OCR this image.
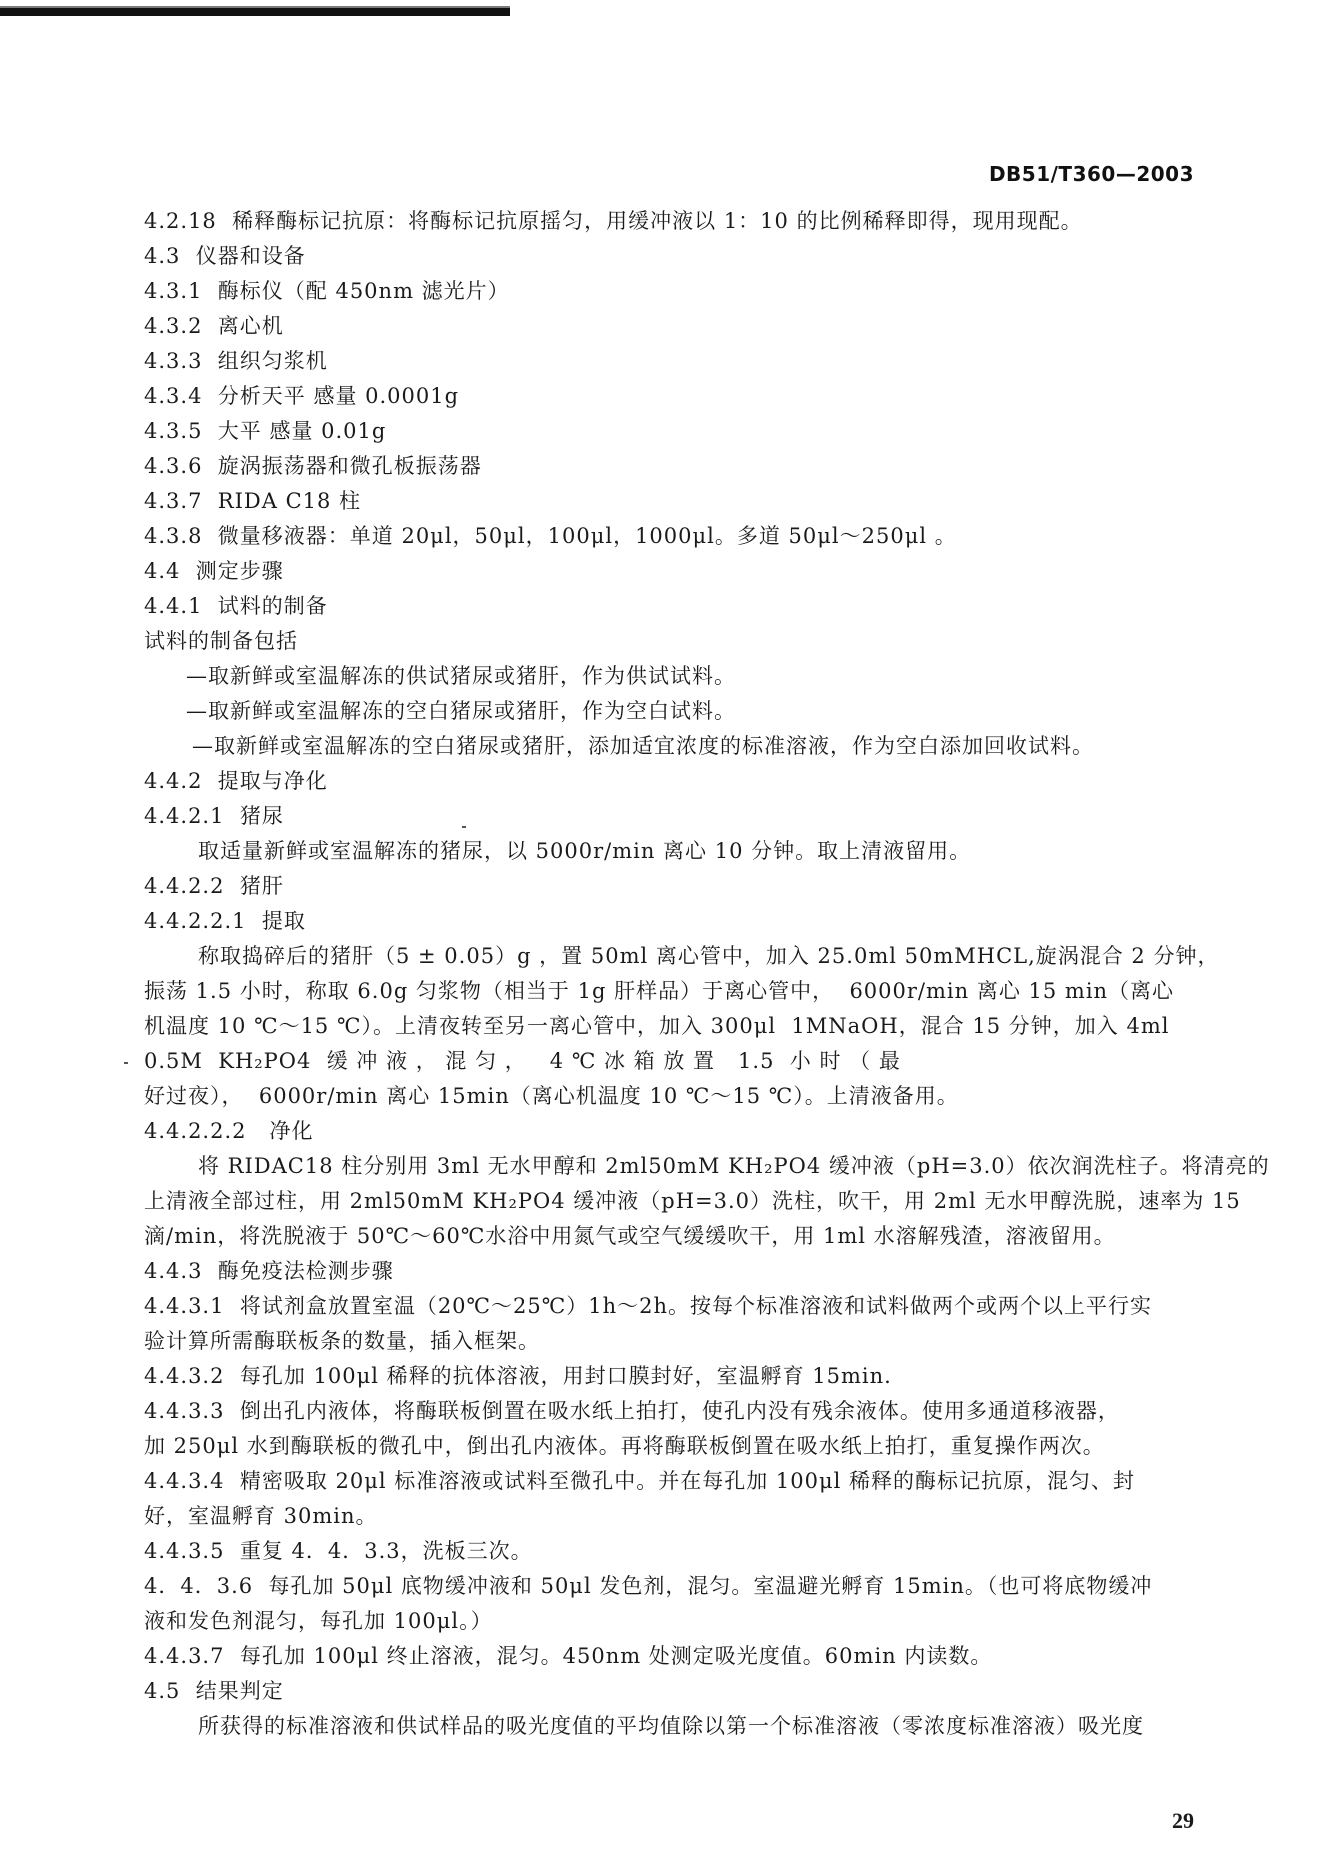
DB51/T360—2003
4.2.18  稀释酶标记抗原：将酶标记抗原摇匀，用缓冲液以 1：10 的比例稀释即得，现用现配。
4.3  仪器和设备
4.3.1  酶标仪（配 450nm 滤光片）
4.3.2  离心机
4.3.3  组织匀浆机
4.3.4  分析天平 感量 0.0001g
4.3.5  大平 感量 0.01g
4.3.6  旋涡振荡器和微孔板振荡器
4.3.7  RIDA C18 柱
4.3.8  微量移液器：单道 20μl，50μl，100μl，1000μl。多道 50μl～250μl 。
4.4  测定步骤
4.4.1  试料的制备
试料的制备包括
—取新鲜或室温解冻的供试猪尿或猪肝，作为供试试料。
—取新鲜或室温解冻的空白猪尿或猪肝，作为空白试料。
—取新鲜或室温解冻的空白猪尿或猪肝，添加适宜浓度的标准溶液，作为空白添加回收试料。
4.4.2  提取与净化
4.4.2.1  猪尿
取适量新鲜或室温解冻的猪尿，以 5000r/min 离心 10 分钟。取上清液留用。
4.4.2.2  猪肝
4.4.2.2.1  提取
称取捣碎后的猪肝（5 ± 0.05）g ，置 50ml 离心管中，加入 25.0ml 50mMHCL,旋涡混合 2 分钟，
振荡 1.5 小时，称取 6.0g 匀浆物（相当于 1g 肝样品）于离心管中，  6000r/min 离心 15 min（离心
机温度 10 ℃～15 ℃）。上清夜转至另一离心管中，加入 300μl  1MNaOH，混合 15 分钟，加入 4ml
0.5M  KH₂PO4  缓 冲 液 ， 混 匀 ，   4 ℃ 冰 箱 放 置   1.5  小 时 （ 最
好过夜），  6000r/min 离心 15min（离心机温度 10 ℃～15 ℃）。上清液备用。
4.4.2.2.2   净化
将 RIDAC18 柱分别用 3ml 无水甲醇和 2ml50mM KH₂PO4 缓冲液（pH=3.0）依次润洗柱子。将清亮的
上清液全部过柱，用 2ml50mM KH₂PO4 缓冲液（pH=3.0）洗柱，吹干，用 2ml 无水甲醇洗脱，速率为 15
滴/min，将洗脱液于 50℃～60℃水浴中用氮气或空气缓缓吹干，用 1ml 水溶解残渣，溶液留用。
4.4.3  酶免疫法检测步骤
4.4.3.1  将试剂盒放置室温（20℃～25℃）1h～2h。按每个标准溶液和试料做两个或两个以上平行实
验计算所需酶联板条的数量，插入框架。
4.4.3.2  每孔加 100μl 稀释的抗体溶液，用封口膜封好，室温孵育 15min.
4.4.3.3  倒出孔内液体，将酶联板倒置在吸水纸上拍打，使孔内没有残余液体。使用多通道移液器，
加 250μl 水到酶联板的微孔中，倒出孔内液体。再将酶联板倒置在吸水纸上拍打，重复操作两次。
4.4.3.4  精密吸取 20μl 标准溶液或试料至微孔中。并在每孔加 100μl 稀释的酶标记抗原，混匀、封
好，室温孵育 30min。
4.4.3.5  重复 4．4．3.3，洗板三次。
4．4．3.6  每孔加 50μl 底物缓冲液和 50μl 发色剂，混匀。室温避光孵育 15min。（也可将底物缓冲
液和发色剂混匀，每孔加 100μl。）
4.4.3.7  每孔加 100μl 终止溶液，混匀。450nm 处测定吸光度值。60min 内读数。
4.5  结果判定
所获得的标准溶液和供试样品的吸光度值的平均值除以第一个标准溶液（零浓度标准溶液）吸光度
29
